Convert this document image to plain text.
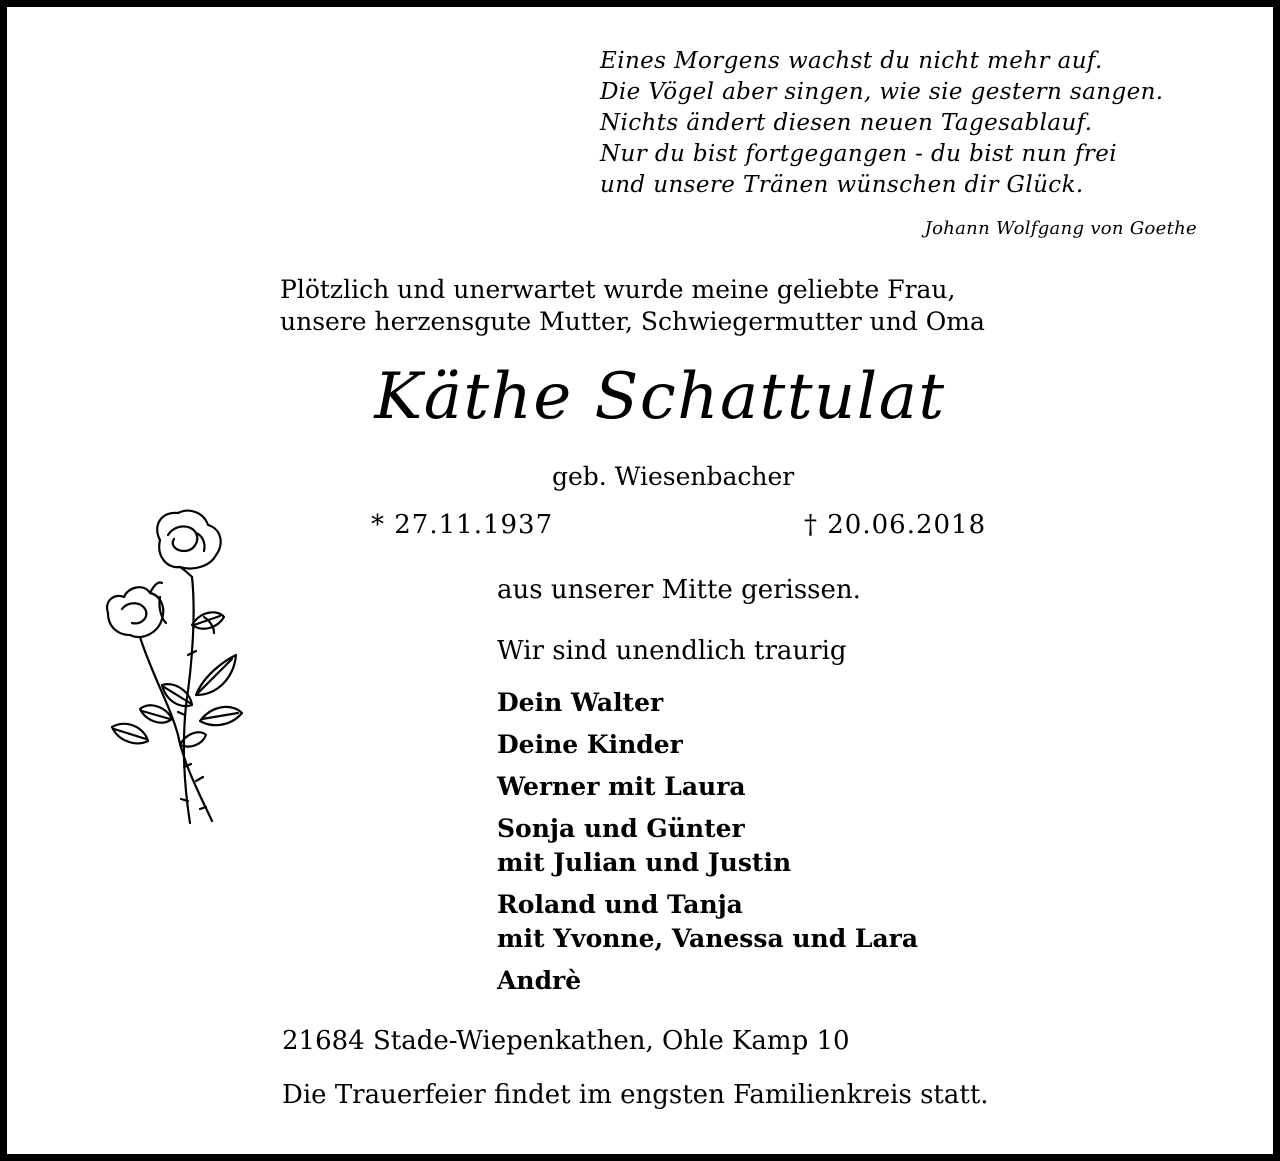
Eines Morgens wachst du nicht mehr auf.
Die Vögel aber singen, wie sie gestern sangen.
Nichts ändert diesen neuen Tagesablauf.
Nur du bist fortgegangen - du bist nun frei
und unsere Tränen wünschen dir Glück.
Johann Wolfgang von Goethe
Plötzlich und unerwartet wurde meine geliebte Frau,
unsere herzensgute Mutter, Schwiegermutter und Oma
Käthe Schattulat
geb. Wiesenbacher
* 27.11.1937	† 20.06.2018
aus unserer Mitte gerissen.
Wir sind unendlich traurig
Dein Walter
Deine Kinder
Werner mit Laura
Sonja und Günter
mit Julian und Justin
Roland und Tanja
mit Yvonne, Vanessa und Lara
Andrè
21684 Stade-Wiepenkathen, Ohle Kamp 10
Die Trauerfeier findet im engsten Familienkreis statt.
